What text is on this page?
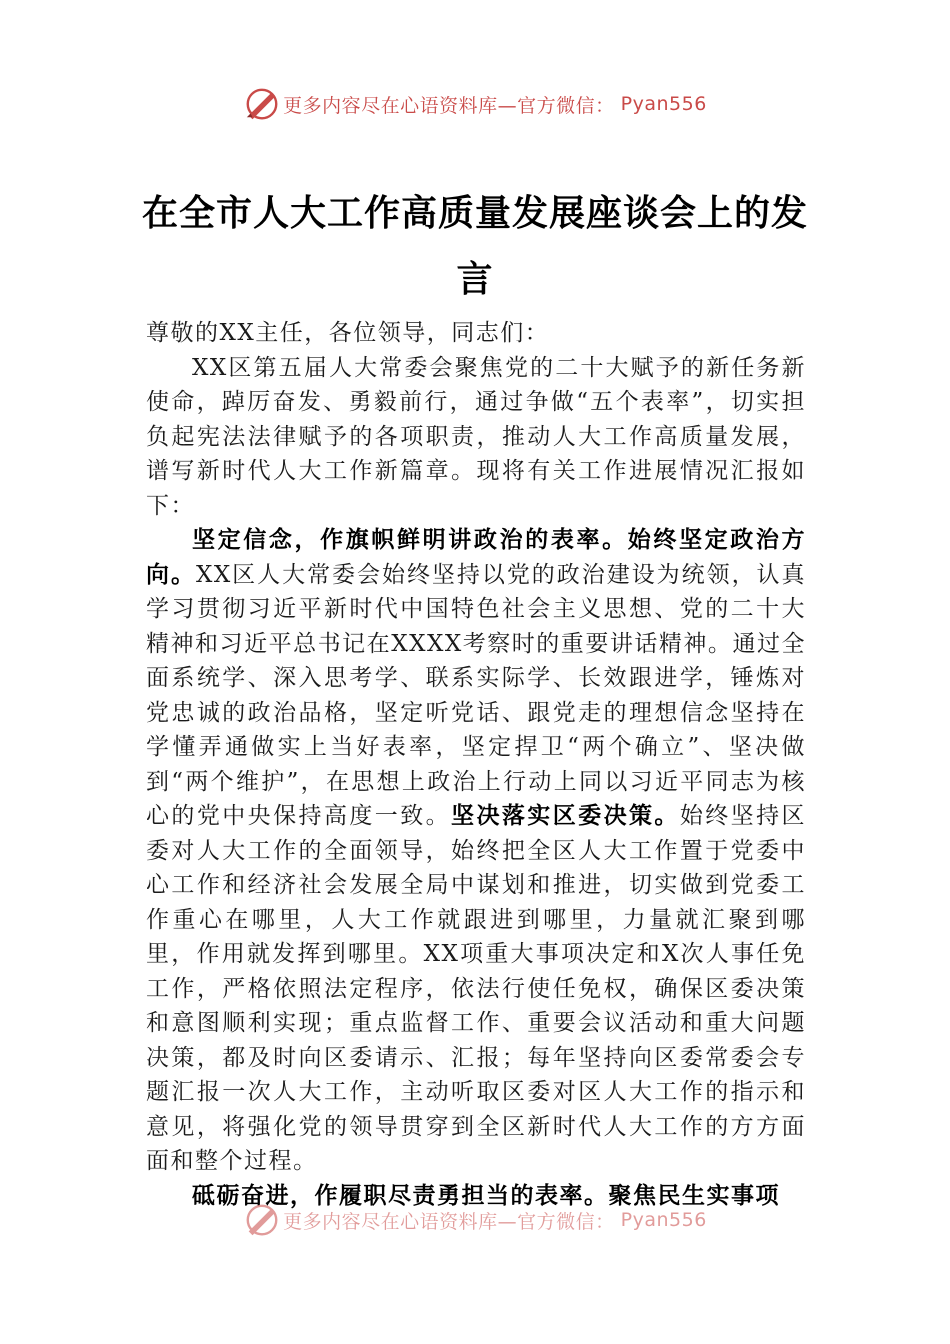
更多内容尽在心语资料库—官方微信： Pyan556
在全市人大工作高质量发展座谈会上的发言

尊敬的XX主任，各位领导，同志们：

XX区第五届人大常委会聚焦党的二十大赋予的新任务新使命，踔厉奋发、勇毅前行，通过争做“五个表率”，切实担负起宪法法律赋予的各项职责，推动人大工作高质量发展，谱写新时代人大工作新篇章。现将有关工作进展情况汇报如下：

坚定信念，作旗帜鲜明讲政治的表率。始终坚定政治方向。XX区人大常委会始终坚持以党的政治建设为统领，认真学习贯彻习近平新时代中国特色社会主义思想、党的二十大精神和习近平总书记在XXXX考察时的重要讲话精神。通过全面系统学、深入思考学、联系实际学、长效跟进学，锤炼对党忠诚的政治品格，坚定听党话、跟党走的理想信念坚持在学懂弄通做实上当好表率，坚定捍卫“两个确立”、坚决做到“两个维护”，在思想上政治上行动上同以习近平同志为核心的党中央保持高度一致。坚决落实区委决策。始终坚持区委对人大工作的全面领导，始终把全区人大工作置于党委中心工作和经济社会发展全局中谋划和推进，切实做到党委工作重心在哪里，人大工作就跟进到哪里，力量就汇聚到哪里，作用就发挥到哪里。XX项重大事项决定和X次人事任免工作，严格依照法定程序，依法行使任免权，确保区委决策和意图顺利实现；重点监督工作、重要会议活动和重大问题决策，都及时向区委请示、汇报；每年坚持向区委常委会专题汇报一次人大工作，主动听取区委对区人大工作的指示和意见，将强化党的领导贯穿到全区新时代人大工作的方方面面和整个过程。

砥砺奋进，作履职尽责勇担当的表率。聚焦民生实事项

更多内容尽在心语资料库—官方微信： Pyan556
